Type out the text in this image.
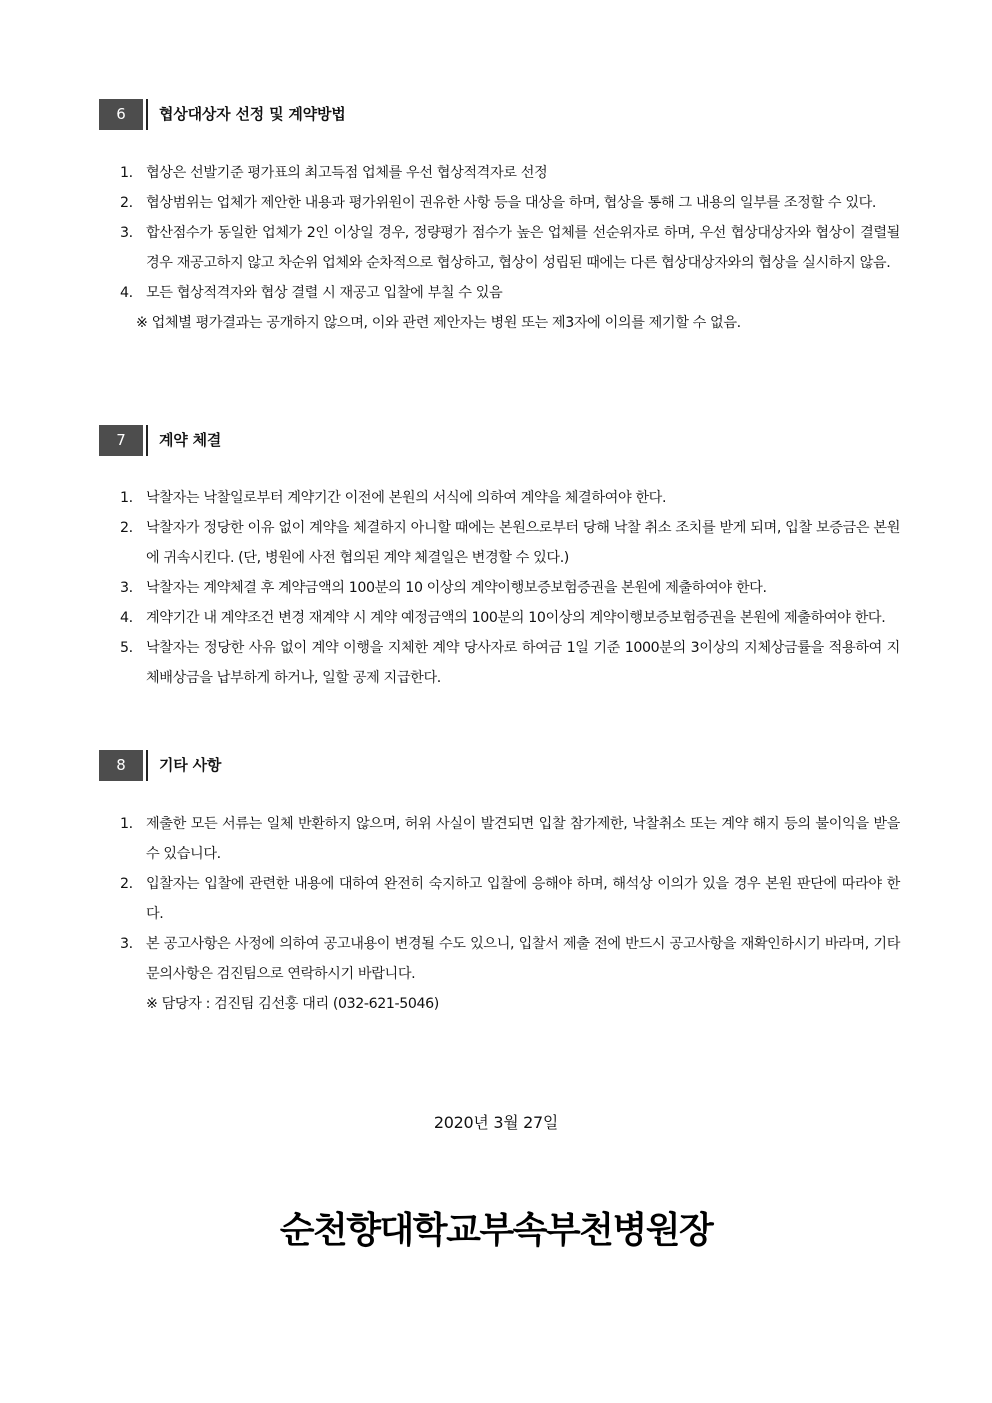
6	협상대상자 선정 및 계약방법
1. 협상은 선발기준 평가표의 최고득점 업체를 우선 협상적격자로 선정
2. 협상범위는 업체가 제안한 내용과 평가위원이 권유한 사항 등을 대상을 하며, 협상을 통해 그 내용의 일부를 조정할 수 있다.
3. 합산점수가 동일한 업체가 2인 이상일 경우, 정량평가 점수가 높은 업체를 선순위자로 하며, 우선 협상대상자와 협상이 결렬될 경우 재공고하지 않고 차순위 업체와 순차적으로 협상하고, 협상이 성립된 때에는 다른 협상대상자와의 협상을 실시하지 않음.
4. 모든 협상적격자와 협상 결렬 시 재공고 입찰에 부칠 수 있음
※ 업체별 평가결과는 공개하지 않으며, 이와 관련 제안자는 병원 또는 제3자에 이의를 제기할 수 없음.
7	계약 체결
1. 낙찰자는 낙찰일로부터 계약기간 이전에 본원의 서식에 의하여 계약을 체결하여야 한다.
2. 낙찰자가 정당한 이유 없이 계약을 체결하지 아니할 때에는 본원으로부터 당해 낙찰 취소 조치를 받게 되며, 입찰 보증금은 본원에 귀속시킨다. (단, 병원에 사전 협의된 계약 체결일은 변경할 수 있다.)
3. 낙찰자는 계약체결 후 계약금액의 100분의 10 이상의 계약이행보증보험증권을 본원에 제출하여야 한다.
4. 계약기간 내 계약조건 변경 재계약 시 계약 예정금액의 100분의 10이상의 계약이행보증보험증권을 본원에 제출하여야 한다.
5. 낙찰자는 정당한 사유 없이 계약 이행을 지체한 계약 당사자로 하여금 1일 기준 1000분의 3이상의 지체상금률을 적용하여 지체배상금을 납부하게 하거나, 일할 공제 지급한다.
8	기타 사항
1. 제출한 모든 서류는 일체 반환하지 않으며, 허위 사실이 발견되면 입찰 참가제한, 낙찰취소 또는 계약 해지 등의 불이익을 받을 수 있습니다.
2. 입찰자는 입찰에 관련한 내용에 대하여 완전히 숙지하고 입찰에 응해야 하며, 해석상 이의가 있을 경우 본원 판단에 따라야 한다.
3. 본 공고사항은 사정에 의하여 공고내용이 변경될 수도 있으니, 입찰서 제출 전에 반드시 공고사항을 재확인하시기 바라며, 기타 문의사항은 검진팀으로 연락하시기 바랍니다.
※ 담당자 : 검진팀 김선홍 대리 (032-621-5046)
2020년 3월 27일
순천향대학교부속부천병원장
